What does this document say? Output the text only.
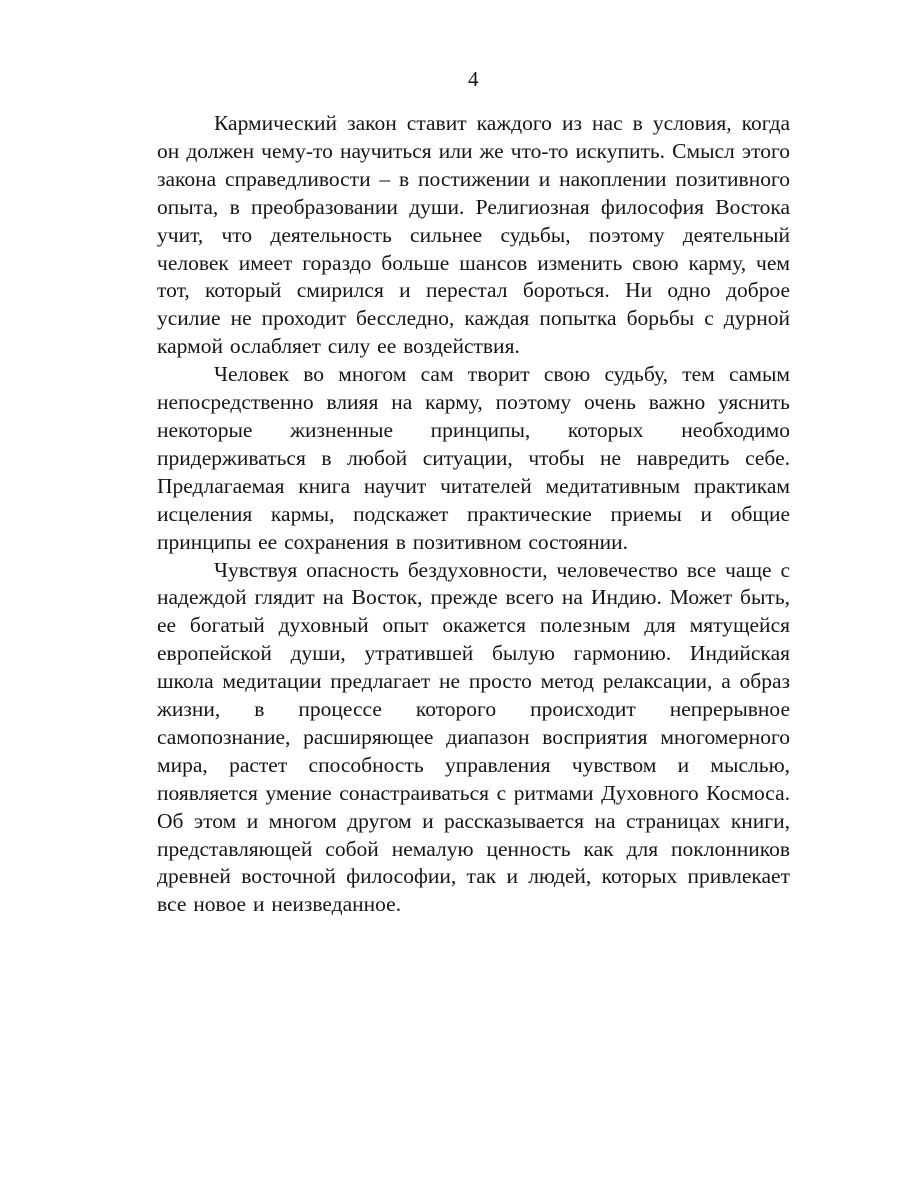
4

Кармический закон ставит каждого из нас в условия, когда он должен чему-то научиться или же что-то искупить. Смысл этого закона справедливости – в постижении и накоплении позитивного опыта, в преобразовании души. Религиозная философия Востока учит, что деятельность сильнее судьбы, поэтому деятельный человек имеет гораздо больше шансов изменить свою карму, чем тот, который смирился и перестал бороться. Ни одно доброе усилие не проходит бесследно, каждая попытка борьбы с дурной кармой ослабляет силу ее воздействия.

Человек во многом сам творит свою судьбу, тем самым непосредственно влияя на карму, поэтому очень важно уяснить некоторые жизненные принципы, которых необходимо придерживаться в любой ситуации, чтобы не навредить себе. Предлагаемая книга научит читателей медитативным практикам исцеления кармы, подскажет практические приемы и общие принципы ее сохранения в позитивном состоянии.

Чувствуя опасность бездуховности, человечество все чаще с надеждой глядит на Восток, прежде всего на Индию. Может быть, ее богатый духовный опыт окажется полезным для мятущейся европейской души, утратившей былую гармонию. Индийская школа медитации предлагает не просто метод релаксации, а образ жизни, в процессе которого происходит непрерывное самопознание, расширяющее диапазон восприятия многомерного мира, растет способность управления чувством и мыслью, появляется умение сонастраиваться с ритмами Духовного Космоса. Об этом и многом другом и рассказывается на страницах книги, представляющей собой немалую ценность как для поклонников древней восточной философии, так и людей, которых привлекает все новое и неизведанное.
